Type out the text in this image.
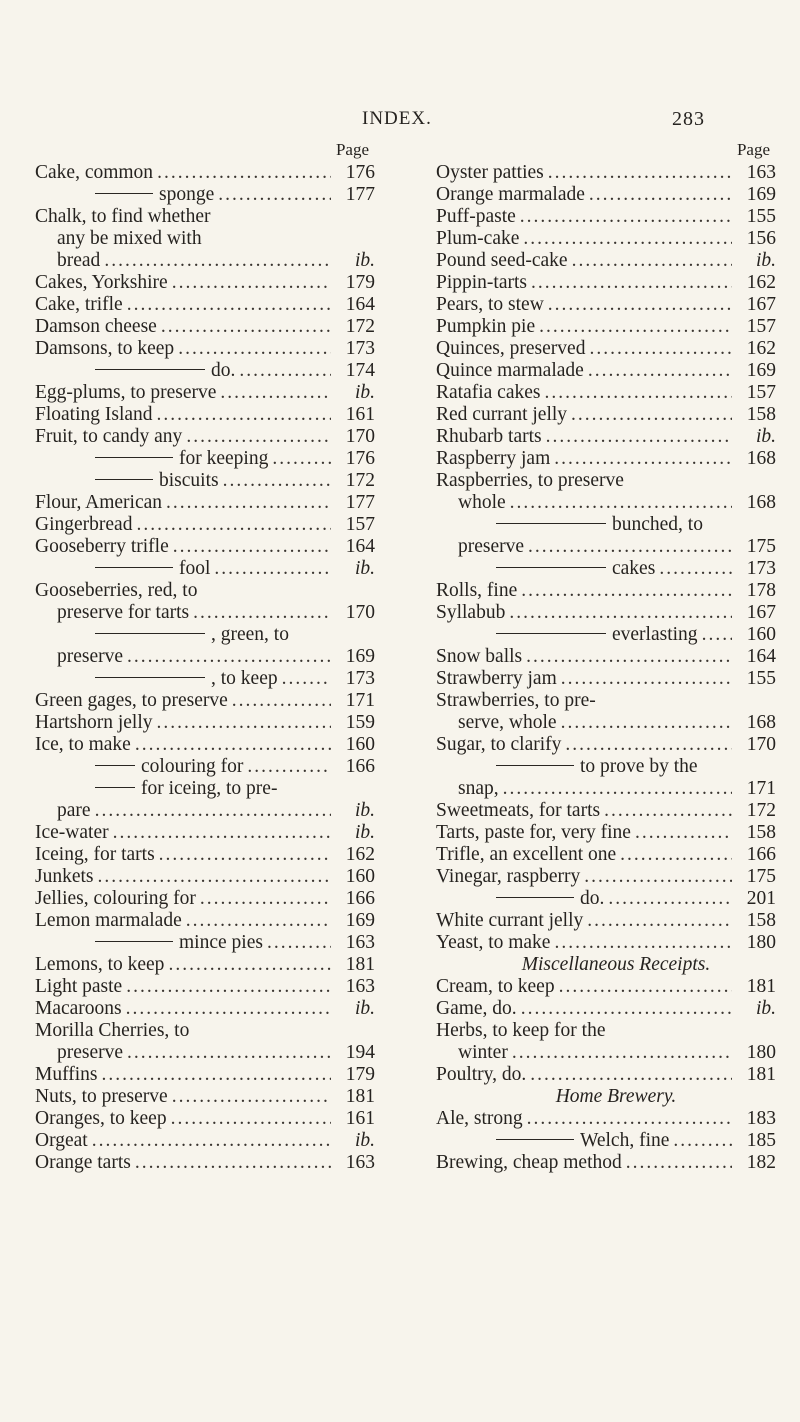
INDEX.	283
Page
Cake, common .....	176
sponge .....	177
Chalk, to find whether
any be mixed with
bread .....	ib.
Cakes, Yorkshire .....	179
Cake, trifle .....	164
Damson cheese .....	172
Damsons, to keep .....	173
do. .....	174
Egg-plums, to preserve .....	ib.
Floating Island .....	161
Fruit, to candy any .....	170
for keeping .....	176
biscuits .....	172
Flour, American .....	177
Gingerbread .....	157
Gooseberry trifle .....	164
fool .....	ib.
Gooseberries, red, to
preserve for tarts .....	170
, green, to
preserve .....	169
, to keep .....	173
Green gages, to preserve .....	171
Hartshorn jelly .....	159
Ice, to make .....	160
colouring for .....	166
for iceing, to pre-
pare .....	ib.
Ice-water .....	ib.
Iceing, for tarts .....	162
Junkets .....	160
Jellies, colouring for .....	166
Lemon marmalade .....	169
mince pies .....	163
Lemons, to keep .....	181
Light paste .....	163
Macaroons .....	ib.
Morilla Cherries, to
preserve .....	194
Muffins .....	179
Nuts, to preserve .....	181
Oranges, to keep .....	161
Orgeat .....	ib.
Orange tarts .....	163
Page
Oyster patties .....	163
Orange marmalade .....	169
Puff-paste .....	155
Plum-cake .....	156
Pound seed-cake .....	ib.
Pippin-tarts .....	162
Pears, to stew .....	167
Pumpkin pie .....	157
Quinces, preserved .....	162
Quince marmalade .....	169
Ratafia cakes .....	157
Red currant jelly .....	158
Rhubarb tarts .....	ib.
Raspberry jam .....	168
Raspberries, to preserve
whole .....	168
bunched, to
preserve .....	175
cakes .....	173
Rolls, fine .....	178
Syllabub .....	167
everlasting .....	160
Snow balls .....	164
Strawberry jam .....	155
Strawberries, to pre-
serve, whole .....	168
Sugar, to clarify .....	170
to prove by the
snap, .....	171
Sweetmeats, for tarts .....	172
Tarts, paste for, very fine .....	158
Trifle, an excellent one .....	166
Vinegar, raspberry .....	175
do. .....	201
White currant jelly .....	158
Yeast, to make .....	180
Miscellaneous Receipts.
Cream, to keep .....	181
Game, do. .....	ib.
Herbs, to keep for the
winter .....	180
Poultry, do. .....	181
Home Brewery.
Ale, strong .....	183
Welch, fine .....	185
Brewing, cheap method .....	182
